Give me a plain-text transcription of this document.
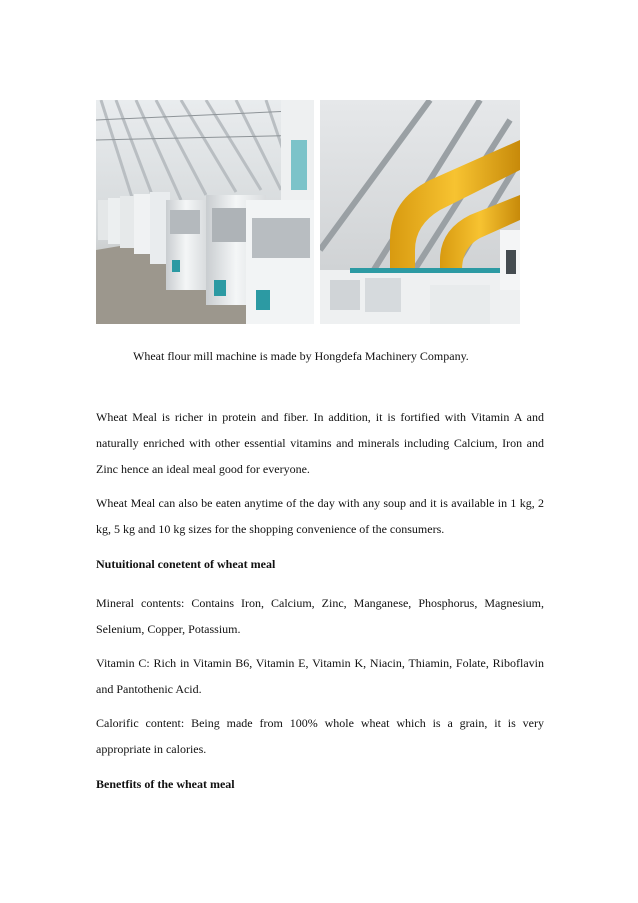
Wheat flour mill machine is made by Hongdefa Machinery Company.

Wheat Meal is richer in protein and fiber. In addition, it is fortified with Vitamin A and naturally enriched with other essential vitamins and minerals including Calcium, Iron and Zinc hence an ideal meal good for everyone.

Wheat Meal can also be eaten anytime of the day with any soup and it is available in 1 kg, 2 kg, 5 kg and 10 kg sizes for the shopping convenience of the consumers.

Nutuitional conetent of wheat meal

Mineral contents: Contains Iron, Calcium, Zinc, Manganese, Phosphorus, Magnesium, Selenium, Copper, Potassium.

Vitamin C: Rich in Vitamin B6, Vitamin E, Vitamin K, Niacin, Thiamin, Folate, Riboflavin and Pantothenic Acid.

Calorific content: Being made from 100% whole wheat which is a grain, it is very appropriate in calories.

Benetfits of the wheat meal
